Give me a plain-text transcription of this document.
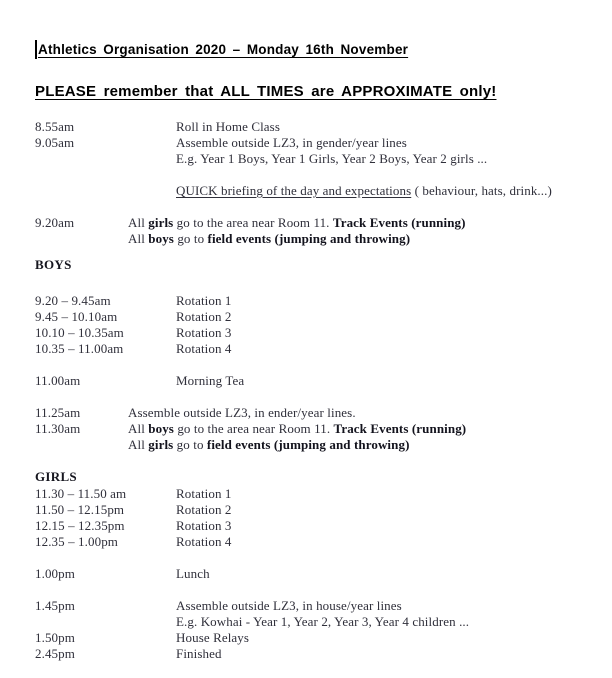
Athletics Organisation 2020 – Monday 16th November
PLEASE remember that ALL TIMES are APPROXIMATE only!
8.55am	Roll in Home Class
9.05am	Assemble outside LZ3, in gender/year lines
E.g. Year 1 Boys, Year 1 Girls, Year 2 Boys, Year 2 girls ...
QUICK briefing of the day and expectations ( behaviour, hats, drink...)
9.20am	All girls go to the area near Room 11. Track Events (running)
All boys go to field events (jumping and throwing)
BOYS
9.20 – 9.45am	Rotation 1
9.45 – 10.10am	Rotation 2
10.10 – 10.35am	Rotation 3
10.35 – 11.00am	Rotation 4
11.00am	Morning Tea
11.25am	Assemble outside LZ3, in ender/year lines.
11.30am	All boys go to the area near Room 11. Track Events (running)
All girls go to field events (jumping and throwing)
GIRLS
11.30 – 11.50 am	Rotation 1
11.50 – 12.15pm	Rotation 2
12.15 – 12.35pm	Rotation 3
12.35 – 1.00pm	Rotation 4
1.00pm	Lunch
1.45pm	Assemble outside LZ3, in house/year lines
E.g. Kowhai - Year 1, Year 2, Year 3, Year 4 children ...
1.50pm	House Relays
2.45pm	Finished
